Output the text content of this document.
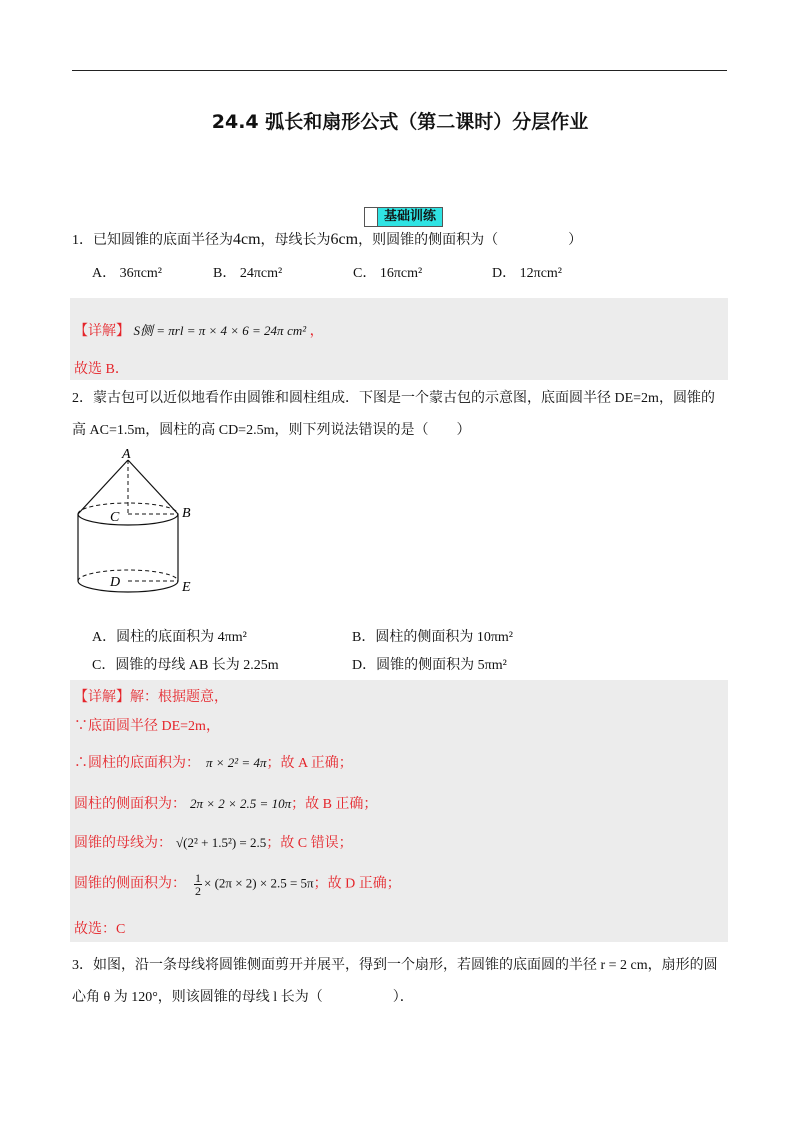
24.4 弧长和扇形公式（第二课时）分层作业
基础训练
1．已知圆锥的底面半径为4cm，母线长为6cm，则圆锥的侧面积为（　　　　　）
A． 36πcm²	B． 24πcm²	C． 16πcm²	D． 12πcm²
【详解】 S侧 = πrl = π × 4 × 6 = 24π cm² ，
故选 B．
2．蒙古包可以近似地看作由圆锥和圆柱组成．下图是一个蒙古包的示意图，底面圆半径 DE=2m，圆锥的
高 AC=1.5m，圆柱的高 CD=2.5m，则下列说法错误的是（　　）
A
C	B
D	E
A．圆柱的底面积为 4πm²	B．圆柱的侧面积为 10πm²
C．圆锥的母线 AB 长为 2.25m	D．圆锥的侧面积为 5πm²
【详解】解：根据题意，
∵底面圆半径 DE=2m，
∴圆柱的底面积为： π × 2² = 4π；故 A 正确；
圆柱的侧面积为： 2π × 2 × 2.5 = 10π；故 B 正确；
圆锥的母线为： √(2² + 1.5²) = 2.5；故 C 错误；
圆锥的侧面积为： $\frac{1}{2} \times (2\pi \times 2) \times 2.5 = 5\pi$；故 D 正确；
故选：C
3．如图，沿一条母线将圆锥侧面剪开并展平，得到一个扇形，若圆锥的底面圆的半径 r = 2 cm，扇形的圆
心角 θ 为 120°，则该圆锥的母线 l 长为（　　　　　）．
